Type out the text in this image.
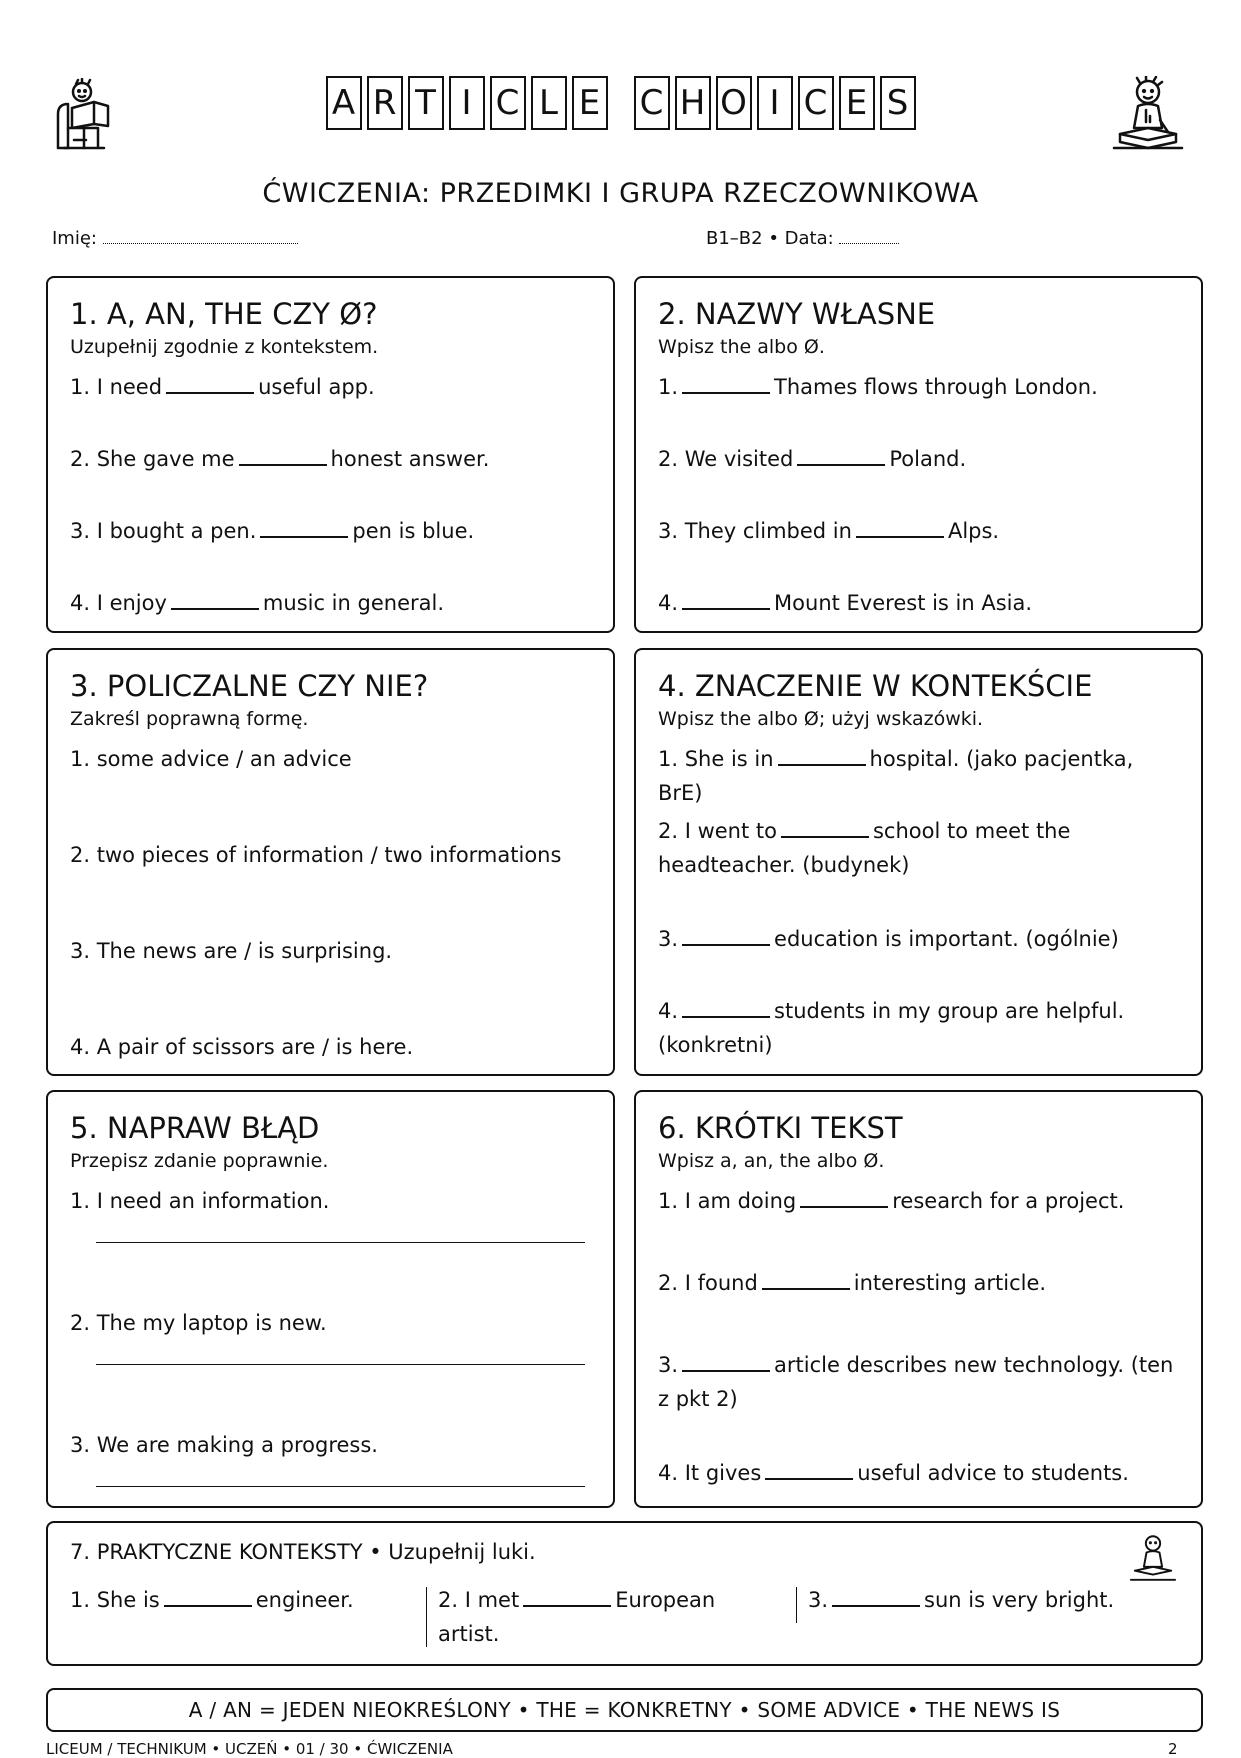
A R T I C L E C H O I C E S
ĆWICZENIA: PRZEDIMKI I GRUPA RZECZOWNIKOWA
Imię:	B1–B2 • Data:
1. A, AN, THE CZY Ø?
Uzupełnij zgodnie z kontekstem.
1. I need	useful app.
2. She gave me	honest answer.
3. I bought a pen.	pen is blue.
4. I enjoy	music in general.
2. NAZWY WŁASNE
Wpisz the albo Ø.
1.	Thames flows through London.
2. We visited	Poland.
3. They climbed in	Alps.
4.	Mount Everest is in Asia.
3. POLICZALNE CZY NIE?
Zakreśl poprawną formę.
1. some advice / an advice
2. two pieces of information / two informations
3. The news are / is surprising.
4. A pair of scissors are / is here.
4. ZNACZENIE W KONTEKŚCIE
Wpisz the albo Ø; użyj wskazówki.
1. She is in	hospital. (jako pacjentka, BrE)
2. I went to	school to meet the headteacher. (budynek)
3.	education is important. (ogólnie)
4.	students in my group are helpful. (konkretni)
5. NAPRAW BŁĄD
Przepisz zdanie poprawnie.
1. I need an information.
2. The my laptop is new.
3. We are making a progress.
6. KRÓTKI TEKST
Wpisz a, an, the albo Ø.
1. I am doing	research for a project.
2. I found	interesting article.
3.	article describes new technology. (ten z pkt 2)
4. It gives	useful advice to students.
7. PRAKTYCZNE KONTEKSTY • Uzupełnij luki.
1. She is	engineer.	2. I met	European artist.
3.	sun is very bright.
A / AN = JEDEN NIEOKREŚLONY • THE = KONKRETNY • SOME ADVICE • THE NEWS IS
LICEUM / TECHNIKUM • UCZEŃ • 01 / 30 • ĆWICZENIA	2
